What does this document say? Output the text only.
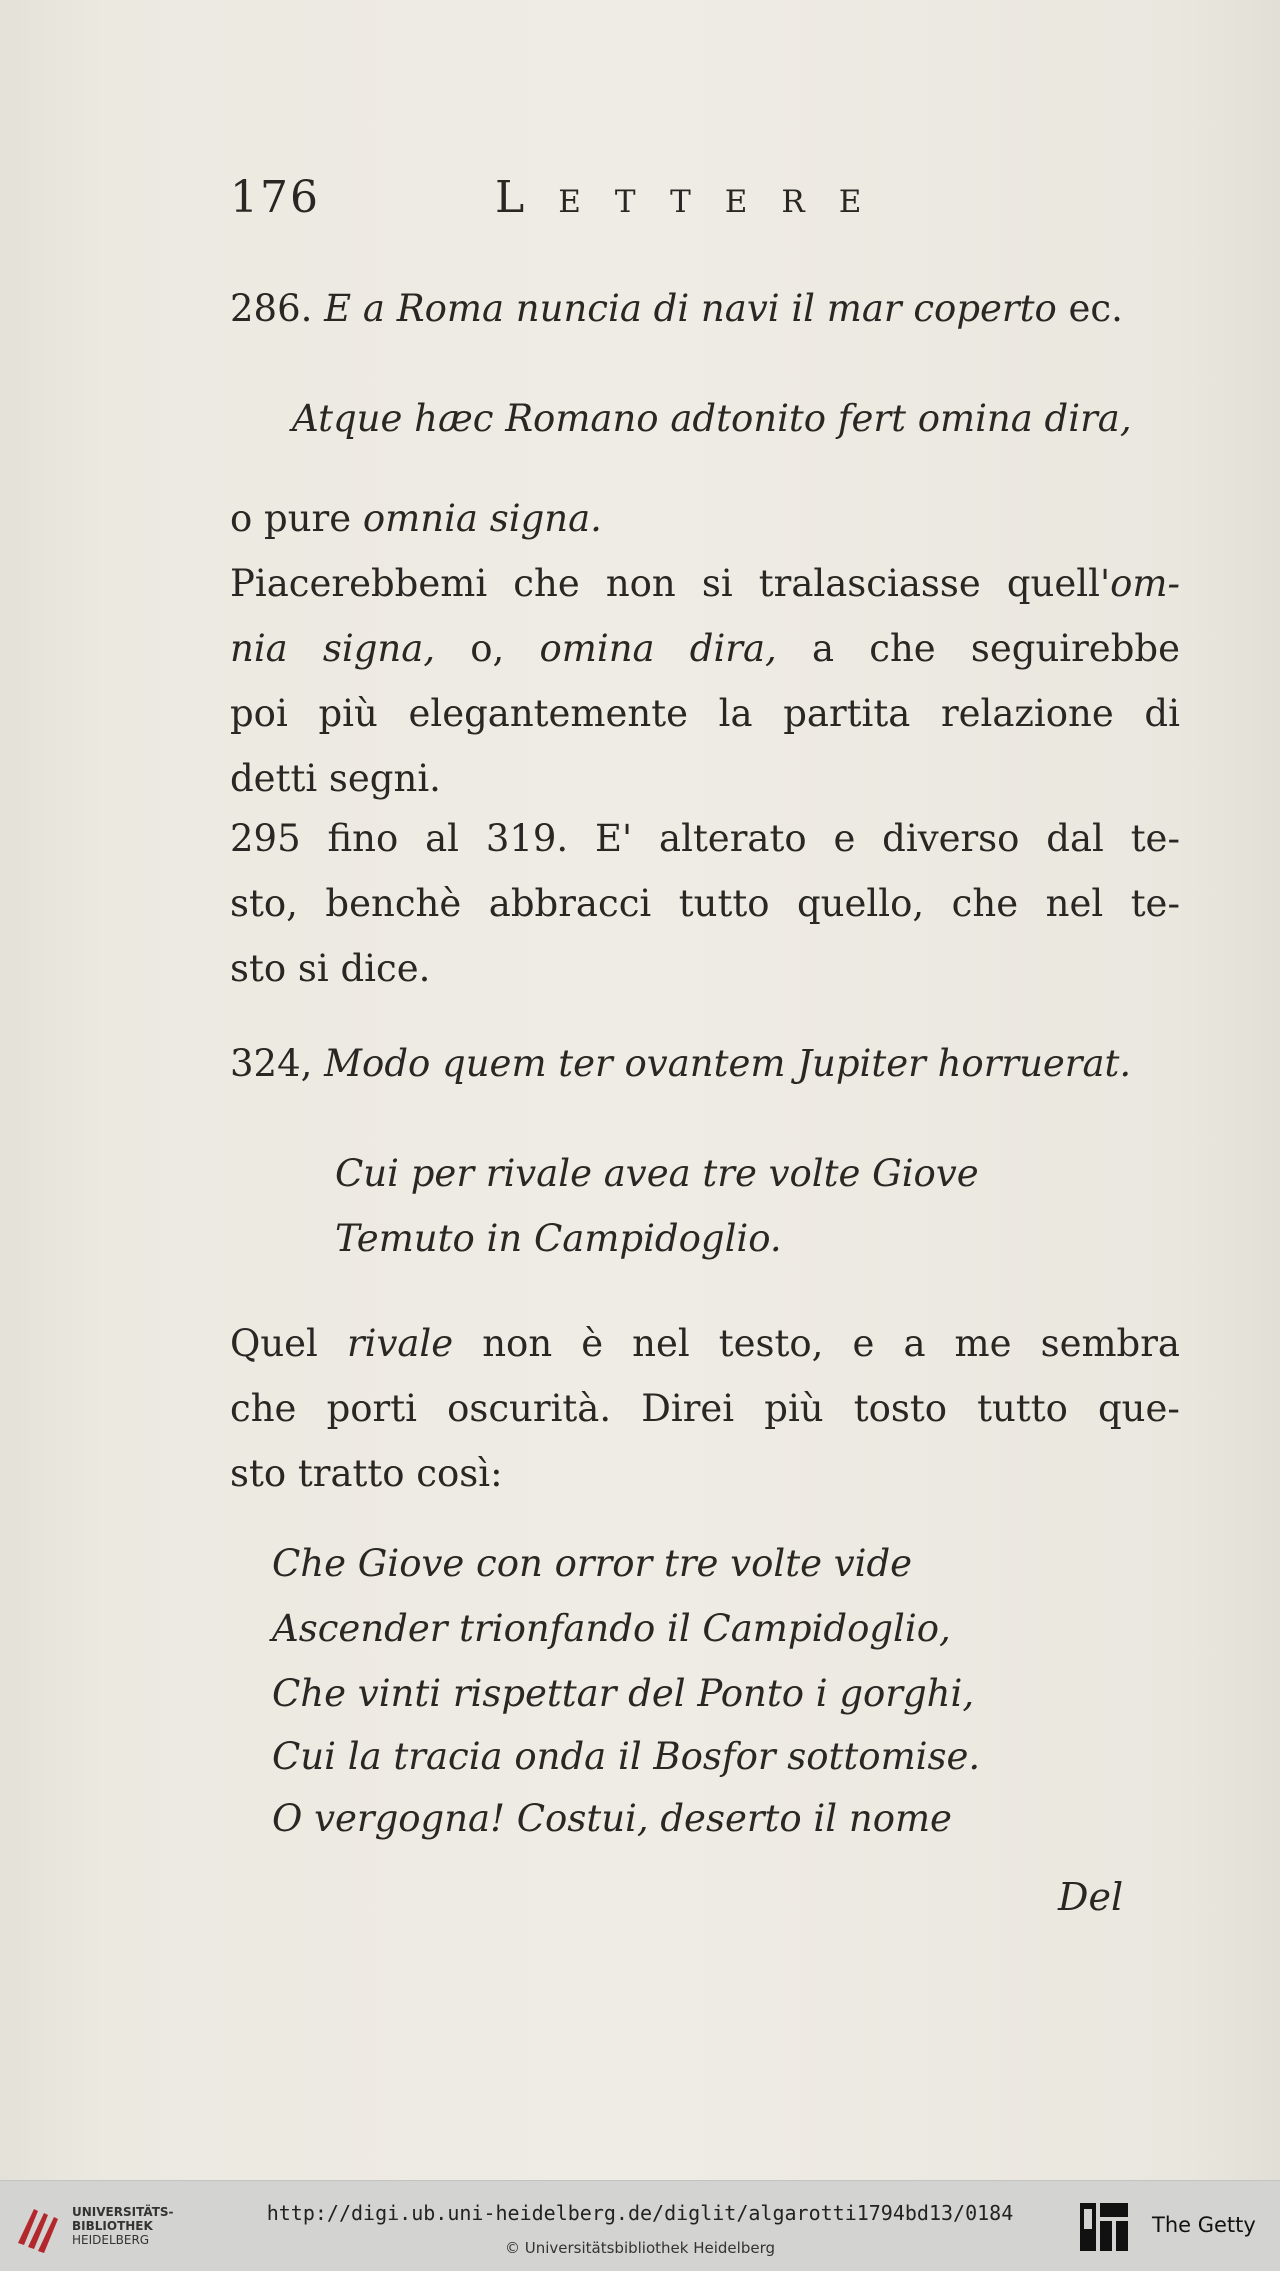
176	Lettere
286. E a Roma nuncia di navi il mar coperto ec.
Atque hæc Romano adtonito fert omina dira,
o pure omnia signa.
Piacerebbemi che non si tralasciasse quell'om-
nia signa, o, omina dira, a che seguirebbe
poi più elegantemente la partita relazione di
detti segni.
295 fino al 319. E' alterato e diverso dal te-
sto, benchè abbracci tutto quello, che nel te-
sto si dice.
324, Modo quem ter ovantem Jupiter horruerat.
Cui per rivale avea tre volte Giove
Temuto in Campidoglio.
Quel rivale non è nel testo, e a me sembra
che porti oscurità. Direi più tosto tutto que-
sto tratto così:
Che Giove con orror tre volte vide
Ascender trionfando il Campidoglio,
Che vinti rispettar del Ponto i gorghi,
Cui la tracia onda il Bosfor sottomise.
O vergogna! Costui, deserto il nome
Del
UNIVERSITÄTS-
BIBLIOTHEK
HEIDELBERG
http://digi.ub.uni-heidelberg.de/diglit/algarotti1794bd13/0184
© Universitätsbibliothek Heidelberg
The Getty
